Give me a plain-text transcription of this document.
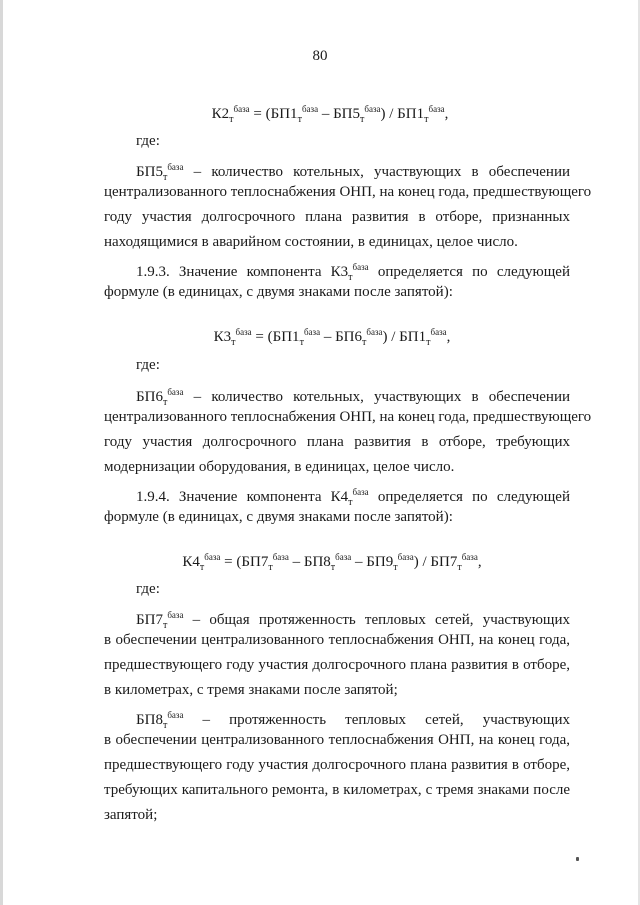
80
$К2_т^{база} = (БП1_т^{база} - БП5_т^{база}) / БП1_т^{база}$,
где:
$БП5_т^{база}$ – количество котельных, участвующих в обеспечении
централизованного теплоснабжения ОНП, на конец года, предшествующего
году участия долгосрочного плана развития в отборе, признанных
находящимися в аварийном состоянии, в единицах, целое число.
1.9.3. Значение компонента $К3_т^{база}$ определяется по следующей
формуле (в единицах, с двумя знаками после запятой):
$К3_т^{база} = (БП1_т^{база} - БП6_т^{база}) / БП1_т^{база}$,
где:
$БП6_т^{база}$ – количество котельных, участвующих в обеспечении
централизованного теплоснабжения ОНП, на конец года, предшествующего
году участия долгосрочного плана развития в отборе, требующих
модернизации оборудования, в единицах, целое число.
1.9.4. Значение компонента $К4_т^{база}$ определяется по следующей
формуле (в единицах, с двумя знаками после запятой):
$К4_т^{база} = (БП7_т^{база} - БП8_т^{база} - БП9_т^{база}) / БП7_т^{база}$,
где:
$БП7_т^{база}$ – общая протяженность тепловых сетей, участвующих
в обеспечении централизованного теплоснабжения ОНП, на конец года,
предшествующего году участия долгосрочного плана развития в отборе,
в километрах, с тремя знаками после запятой;
$БП8_т^{база}$ – протяженность тепловых сетей, участвующих
в обеспечении централизованного теплоснабжения ОНП, на конец года,
предшествующего году участия долгосрочного плана развития в отборе,
требующих капитального ремонта, в километрах, с тремя знаками после
запятой;
